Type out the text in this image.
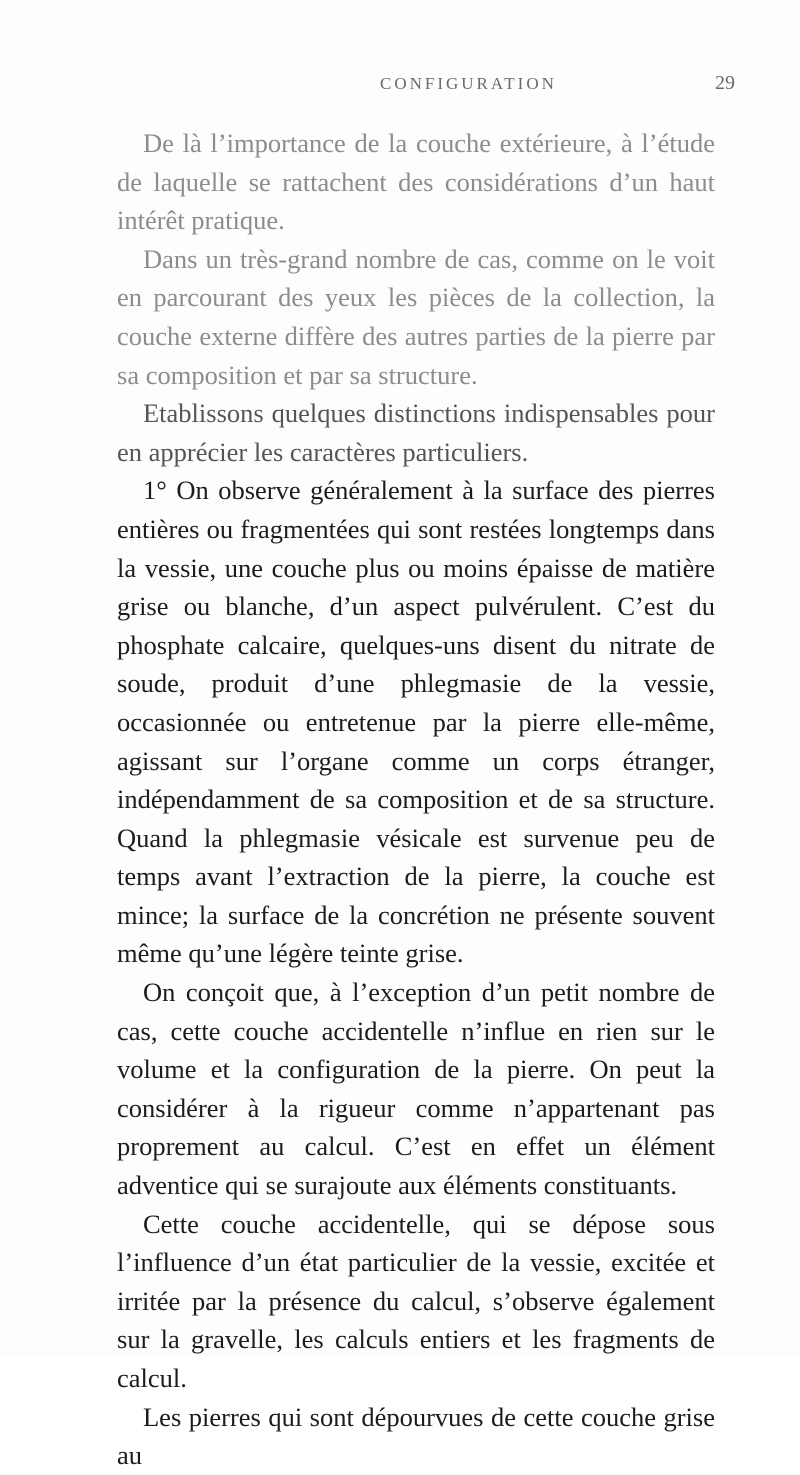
CONFIGURATION	29

De là l’importance de la couche extérieure, à l’étude de laquelle se rattachent des considérations d’un haut intérêt pratique.

Dans un très-grand nombre de cas, comme on le voit en parcourant des yeux les pièces de la collection, la couche externe diffère des autres parties de la pierre par sa composition et par sa structure.

Etablissons quelques distinctions indispensables pour en apprécier les caractères particuliers.

1° On observe généralement à la surface des pierres entières ou fragmentées qui sont restées longtemps dans la vessie, une couche plus ou moins épaisse de matière grise ou blanche, d’un aspect pulvérulent. C’est du phosphate calcaire, quelques-uns disent du nitrate de soude, produit d’une phlegmasie de la vessie, occasionnée ou entretenue par la pierre elle-même, agissant sur l’organe comme un corps étranger, indépendamment de sa composition et de sa structure. Quand la phlegmasie vésicale est survenue peu de temps avant l’extraction de la pierre, la couche est mince; la surface de la concrétion ne présente souvent même qu’une légère teinte grise.

On conçoit que, à l’exception d’un petit nombre de cas, cette couche accidentelle n’influe en rien sur le volume et la configuration de la pierre. On peut la considérer à la rigueur comme n’appartenant pas proprement au calcul. C’est en effet un élément adventice qui se surajoute aux éléments constituants.

Cette couche accidentelle, qui se dépose sous l’influence d’un état particulier de la vessie, excitée et irritée par la présence du calcul, s’observe également sur la gravelle, les calculs entiers et les fragments de calcul.

Les pierres qui sont dépourvues de cette couche grise au
